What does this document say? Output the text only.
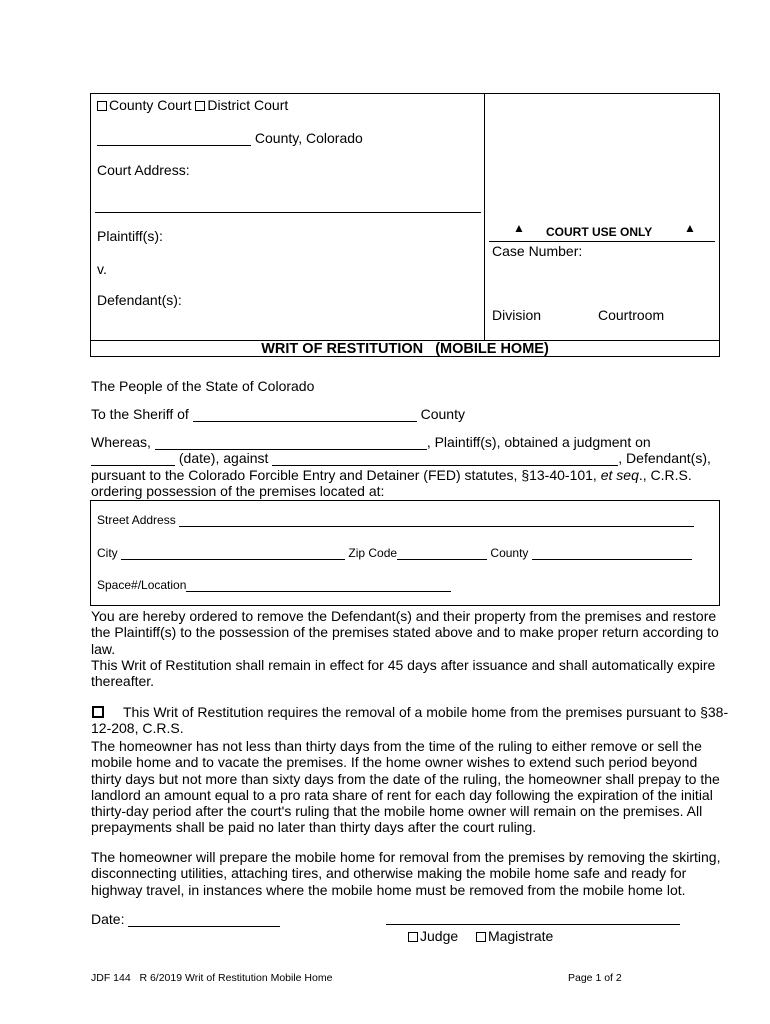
County Court District Court
County, Colorado
Court Address:
Plaintiff(s):
v.
Defendant(s):
▲ COURT USE ONLY	▲
Case Number:
Division	Courtroom
WRIT OF RESTITUTION   (MOBILE HOME)
The People of the State of Colorado
To the Sheriff of	County
Whereas,	, Plaintiff(s), obtained a judgment on
(date), against	, Defendant(s),
pursuant to the Colorado Forcible Entry and Detainer (FED) statutes, §13-40-101, et seq., C.R.S.
ordering possession of the premises located at:
Street Address
City	Zip Code	County
Space#/Location
You are hereby ordered to remove the Defendant(s) and their property from the premises and restore the Plaintiff(s) to the possession of the premises stated above and to make proper return according to law.
This Writ of Restitution shall remain in effect for 45 days after issuance and shall automatically expire thereafter.
This Writ of Restitution requires the removal of a mobile home from the premises pursuant to §38-12-208, C.R.S.
The homeowner has not less than thirty days from the time of the ruling to either remove or sell the mobile home and to vacate the premises. If the home owner wishes to extend such period beyond thirty days but not more than sixty days from the date of the ruling, the homeowner shall prepay to the landlord an amount equal to a pro rata share of rent for each day following the expiration of the initial thirty-day period after the court's ruling that the mobile home owner will remain on the premises. All prepayments shall be paid no later than thirty days after the court ruling.
The homeowner will prepare the mobile home for removal from the premises by removing the skirting, disconnecting utilities, attaching tires, and otherwise making the mobile home safe and ready for highway travel, in instances where the mobile home must be removed from the mobile home lot.
Date:
Judge Magistrate
JDF 144 R 6/2019 Writ of Restitution Mobile Home	Page 1 of 2
